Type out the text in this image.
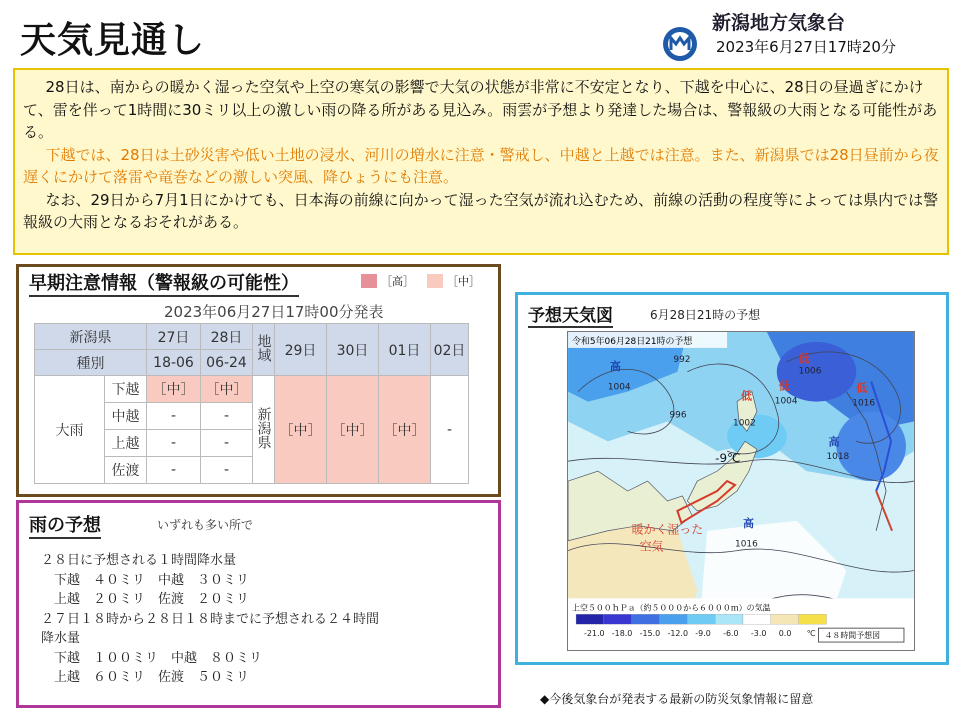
天気見通し	新潟地方気象台
2023年6月27日17時20分

28日は、南からの暖かく湿った空気や上空の寒気の影響で大気の状態が非常に不安定となり、下越を中心に、28日の昼過ぎにかけて、雷を伴って1時間に30ミリ以上の激しい雨の降る所がある見込み。雨雲が予想より発達した場合は、警報級の大雨となる可能性がある。

下越では、28日は土砂災害や低い土地の浸水、河川の増水に注意・警戒し、中越と上越では注意。また、新潟県では28日昼前から夜遅くにかけて落雷や竜巻などの激しい突風、降ひょうにも注意。

なお、29日から7月1日にかけても、日本海の前線に向かって湿った空気が流れ込むため、前線の活動の程度等によっては県内では警報級の大雨となるおそれがある。

早期注意情報（警報級の可能性）	［高］	［中］
2023年06月27日17時00分発表
新潟県		27日	28日	地域	29日	30日	01日	02日
種別		18-06	06-24					
大雨	下越	［中］	［中］	新潟県	［中］	［中］	［中］	-
	中越	-	-					
	上越	-	-					
	佐渡	-	-					
雨の予想	いずれも多い所で
２８日に予想される１時間降水量
　下越　４０ミリ　中越　３０ミリ
　上越　２０ミリ　佐渡　２０ミリ
２７日１８時から２８日１８時までに予想される２４時間
降水量
　下越　１００ミリ　中越　８０ミリ
　上越　６０ミリ　佐渡　５０ミリ
予想天気図	6月28日21時の予想
令和5年06月28日21時の予想
992
高
1004
996
低
1002
低
1006
低
1004
低
1016
高
1018
高
1016
-9℃
暖かく湿った
空気
上空５００ｈＰａ（約５０００から６０００ｍ）の気温
-21.0 -18.0 -15.0 -12.0 -9.0 -6.0 -3.0 0.0 ℃ ４８時間予想図
◆今後気象台が発表する最新の防災気象情報に留意
